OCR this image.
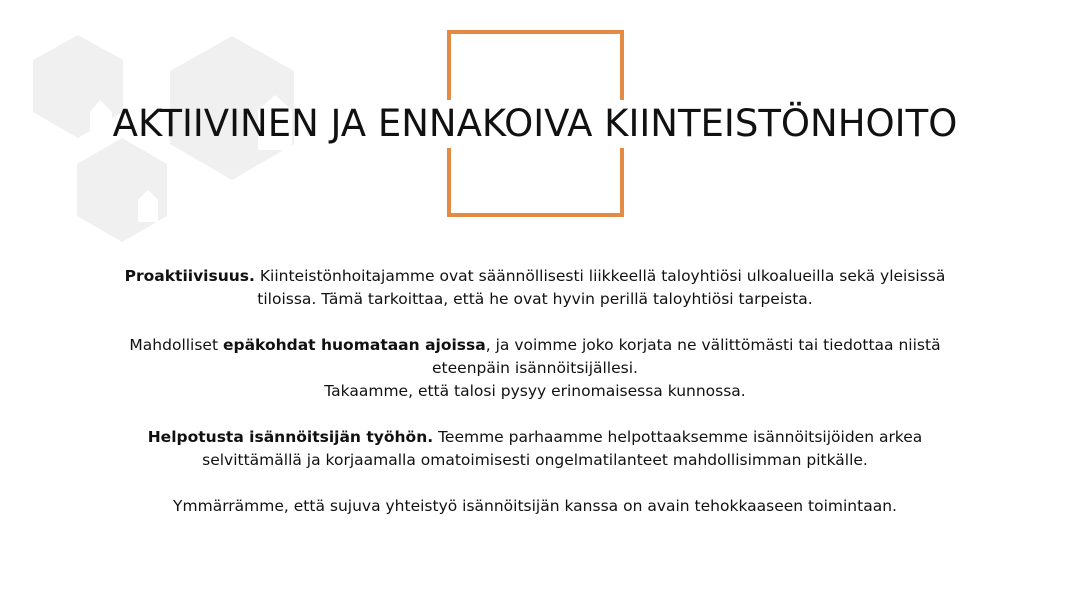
AKTIIVINEN JA ENNAKOIVA KIINTEISTÖNHOITO

Proaktiivisuus. Kiinteistönhoitajamme ovat säännöllisesti liikkeellä taloyhtiösi ulkoalueilla sekä yleisissä
tiloissa. Tämä tarkoittaa, että he ovat hyvin perillä taloyhtiösi tarpeista.

Mahdolliset epäkohdat huomataan ajoissa, ja voimme joko korjata ne välittömästi tai tiedottaa niistä
eteenpäin isännöitsijällesi.
Takaamme, että talosi pysyy erinomaisessa kunnossa.

Helpotusta isännöitsijän työhön. Teemme parhaamme helpottaaksemme isännöitsijöiden arkea
selvittämällä ja korjaamalla omatoimisesti ongelmatilanteet mahdollisimman pitkälle.

Ymmärrämme, että sujuva yhteistyö isännöitsijän kanssa on avain tehokkaaseen toimintaan.
